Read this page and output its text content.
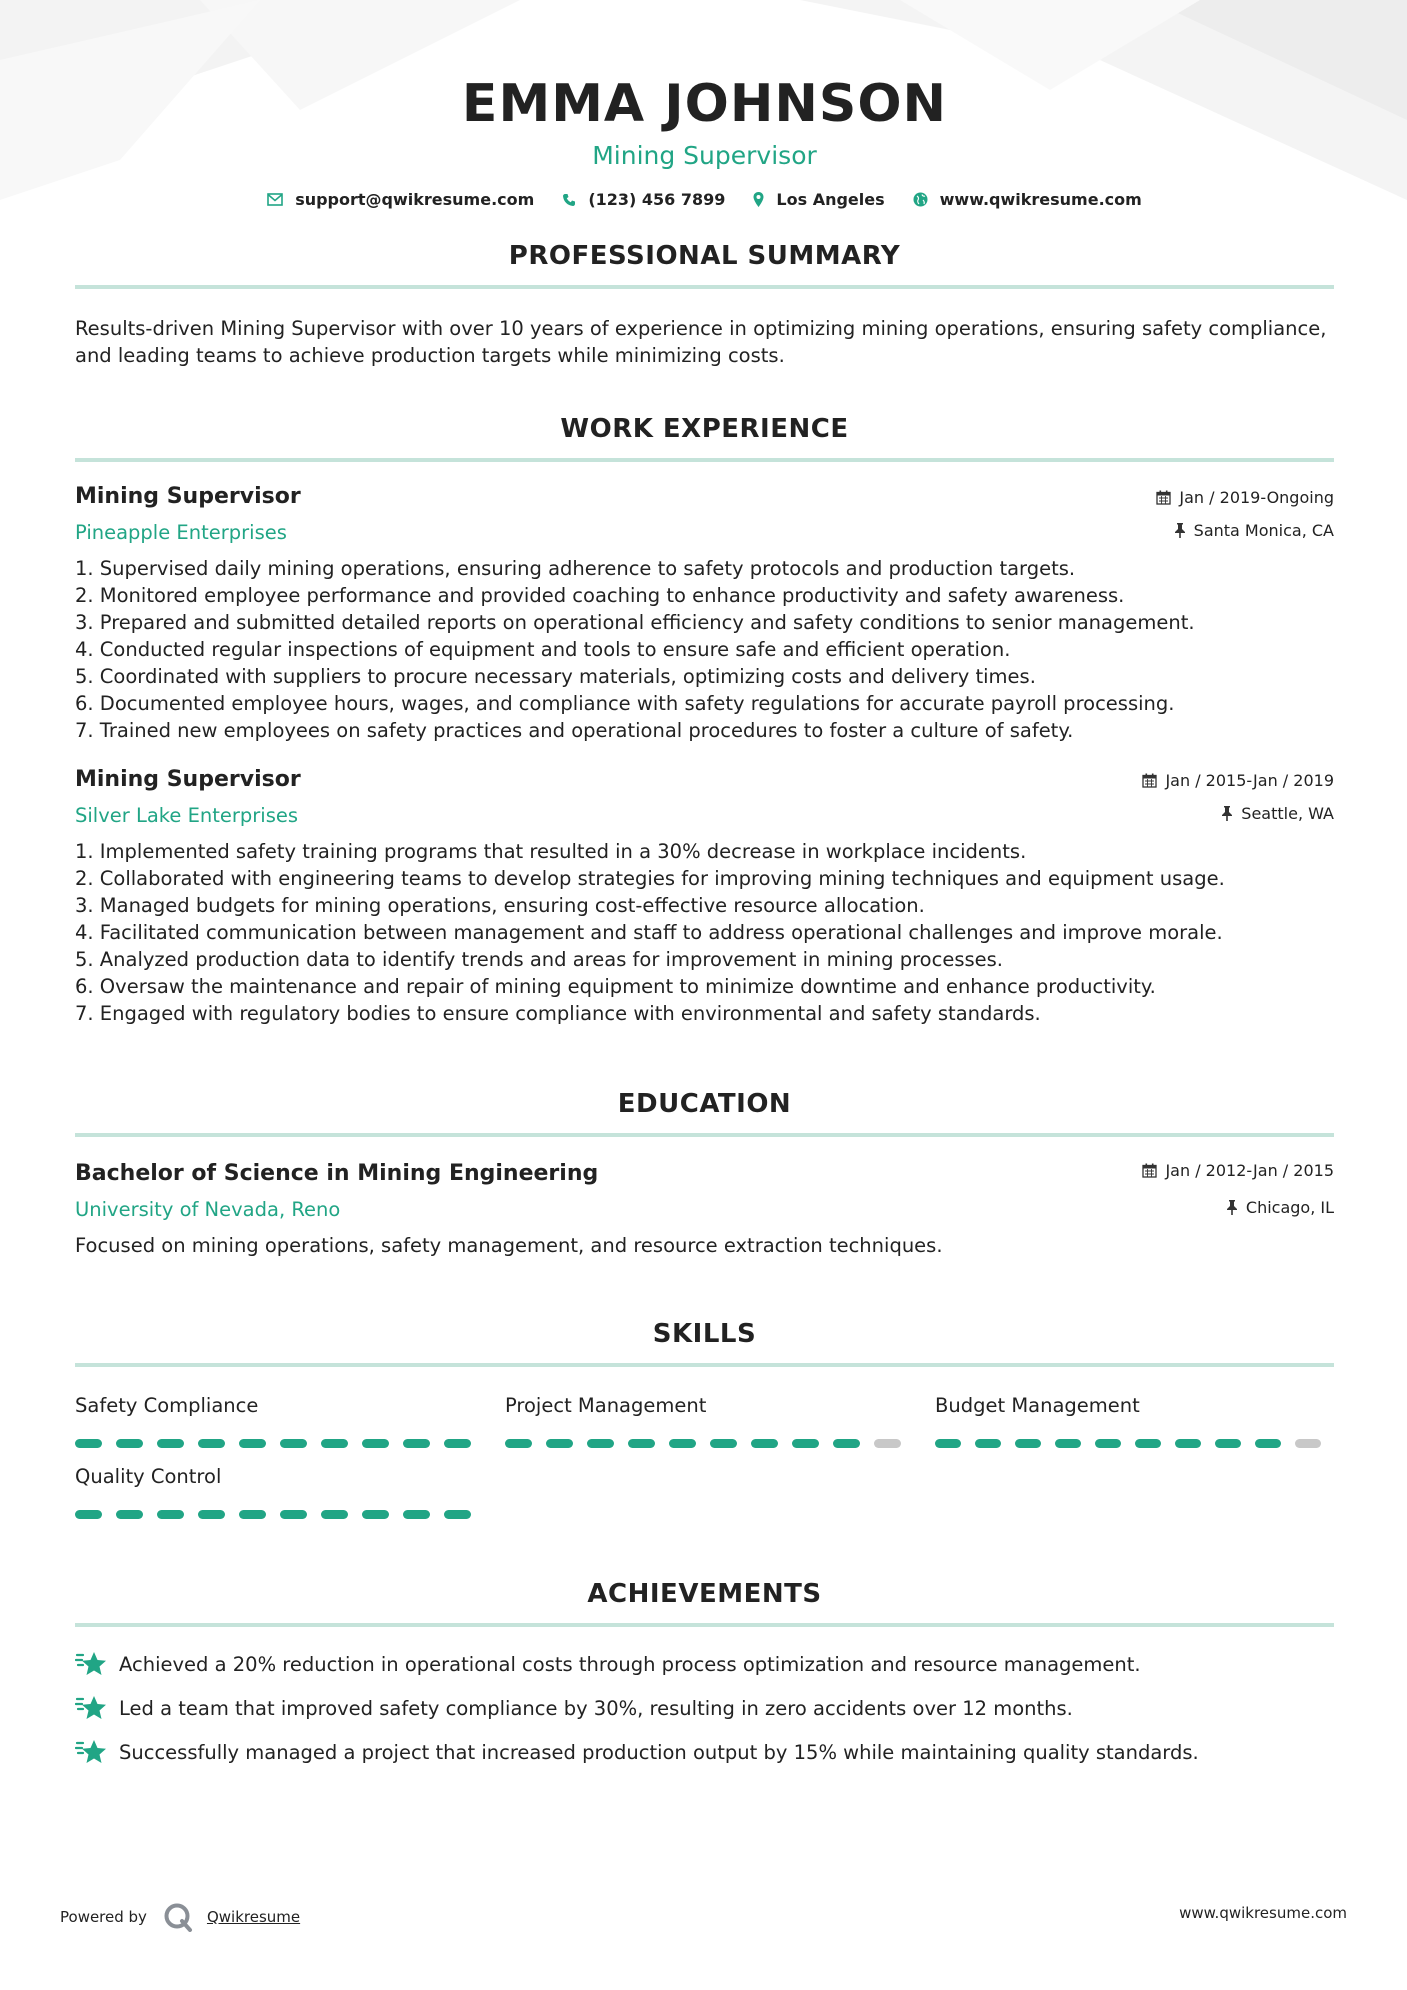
EMMA JOHNSON
Mining Supervisor
support@qwikresume.com	(123) 456 7899	Los Angeles	www.qwikresume.com
PROFESSIONAL SUMMARY

Results-driven Mining Supervisor with over 10 years of experience in optimizing mining operations, ensuring safety compliance, and leading teams to achieve production targets while minimizing costs.

WORK EXPERIENCE
Mining Supervisor
Pineapple Enterprises
Jan / 2019-Ongoing
Santa Monica, CA
1. Supervised daily mining operations, ensuring adherence to safety protocols and production targets.
2. Monitored employee performance and provided coaching to enhance productivity and safety awareness.
3. Prepared and submitted detailed reports on operational efficiency and safety conditions to senior management.
4. Conducted regular inspections of equipment and tools to ensure safe and efficient operation.
5. Coordinated with suppliers to procure necessary materials, optimizing costs and delivery times.
6. Documented employee hours, wages, and compliance with safety regulations for accurate payroll processing.
7. Trained new employees on safety practices and operational procedures to foster a culture of safety.
Mining Supervisor
Silver Lake Enterprises
Jan / 2015-Jan / 2019
Seattle, WA
1. Implemented safety training programs that resulted in a 30% decrease in workplace incidents.
2. Collaborated with engineering teams to develop strategies for improving mining techniques and equipment usage.
3. Managed budgets for mining operations, ensuring cost-effective resource allocation.
4. Facilitated communication between management and staff to address operational challenges and improve morale.
5. Analyzed production data to identify trends and areas for improvement in mining processes.
6. Oversaw the maintenance and repair of mining equipment to minimize downtime and enhance productivity.
7. Engaged with regulatory bodies to ensure compliance with environmental and safety standards.
EDUCATION
Bachelor of Science in Mining Engineering
University of Nevada, Reno
Jan / 2012-Jan / 2015
Chicago, IL

Focused on mining operations, safety management, and resource extraction techniques.

SKILLS
Safety Compliance	Project Management	Budget Management
Quality Control
ACHIEVEMENTS
Achieved a 20% reduction in operational costs through process optimization and resource management.
Led a team that improved safety compliance by 30%, resulting in zero accidents over 12 months.
Successfully managed a project that increased production output by 15% while maintaining quality standards.
Powered by	Qwikresume	www.qwikresume.com
